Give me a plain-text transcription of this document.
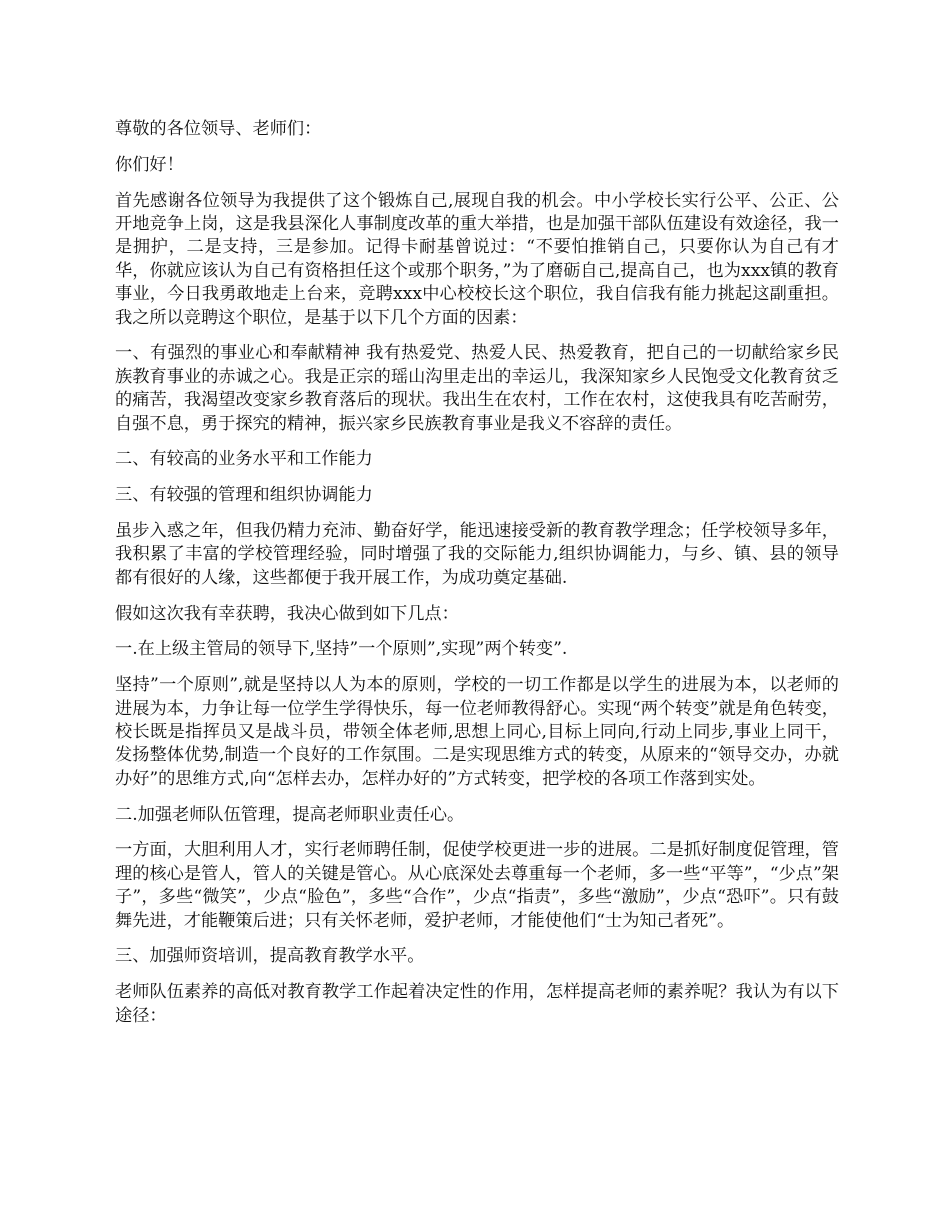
尊敬的各位领导、老师们：

你们好！

首先感谢各位领导为我提供了这个锻炼自己,展现自我的机会。中小学校长实行公平、公正、公开地竞争上岗，这是我县深化人事制度改革的重大举措，也是加强干部队伍建设有效途径，我一是拥护，二是支持，三是参加。记得卡耐基曾说过：“不要怕推销自己，只要你认为自己有才华，你就应该认为自己有资格担任这个或那个职务，”为了磨砺自己,提高自己，也为xxx镇的教育事业，今日我勇敢地走上台来，竞聘xxx中心校校长这个职位，我自信我有能力挑起这副重担。 我之所以竞聘这个职位，是基于以下几个方面的因素：

一、有强烈的事业心和奉献精神 我有热爱党、热爱人民、热爱教育，把自己的一切献给家乡民族教育事业的赤诚之心。我是正宗的瑶山沟里走出的幸运儿，我深知家乡人民饱受文化教育贫乏的痛苦，我渴望改变家乡教育落后的现状。我出生在农村，工作在农村，这使我具有吃苦耐劳，自强不息，勇于探究的精神，振兴家乡民族教育事业是我义不容辞的责任。

二、有较高的业务水平和工作能力

三、有较强的管理和组织协调能力

虽步入惑之年，但我仍精力充沛、勤奋好学，能迅速接受新的教育教学理念；任学校领导多年，我积累了丰富的学校管理经验，同时增强了我的交际能力,组织协调能力，与乡、镇、县的领导都有很好的人缘，这些都便于我开展工作，为成功奠定基础.

假如这次我有幸获聘，我决心做到如下几点：

一.在上级主管局的领导下,坚持”一个原则”,实现”两个转变”.

坚持”一个原则”,就是坚持以人为本的原则，学校的一切工作都是以学生的进展为本，以老师的进展为本，力争让每一位学生学得快乐，每一位老师教得舒心。实现“两个转变”就是角色转变，校长既是指挥员又是战斗员，带领全体老师,思想上同心,目标上同向,行动上同步,事业上同干，发扬整体优势,制造一个良好的工作氛围。二是实现思维方式的转变，从原来的“领导交办，办就办好”的思维方式,向“怎样去办，怎样办好的”方式转变，把学校的各项工作落到实处。

二.加强老师队伍管理，提高老师职业责任心。

一方面，大胆利用人才，实行老师聘任制，促使学校更进一步的进展。二是抓好制度促管理，管理的核心是管人，管人的关键是管心。从心底深处去尊重每一个老师，多一些“平等”，“少点”架子”，多些“微笑”，少点“脸色”，多些“合作”，少点“指责”，多些“激励”，少点“恐吓”。只有鼓舞先进，才能鞭策后进；只有关怀老师，爱护老师，才能使他们“士为知己者死”。

三、加强师资培训，提高教育教学水平。

老师队伍素养的高低对教育教学工作起着决定性的作用，怎样提高老师的素养呢？我认为有以下途径：
